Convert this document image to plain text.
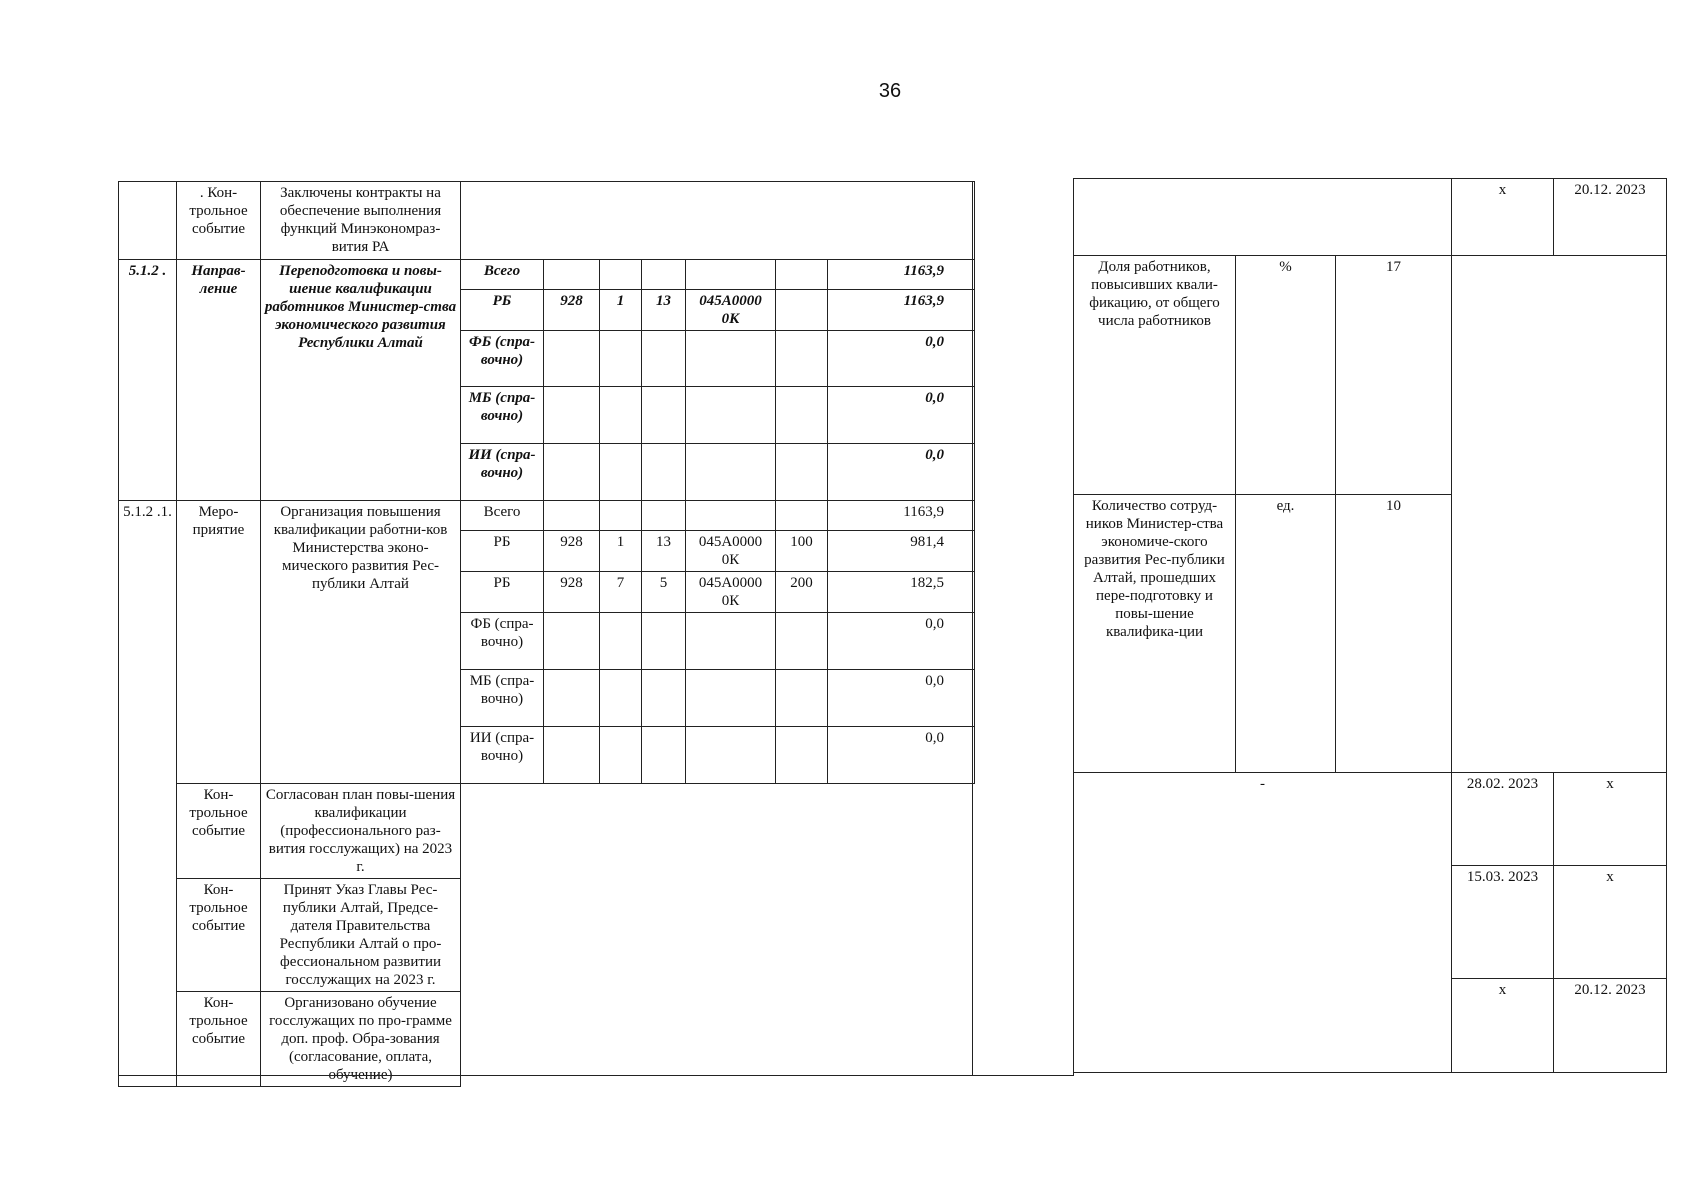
36
	. Кон-трольное событие	Заключены контракты на обеспечение выполнения функций Минэкономраз-вития РА							
5.1.2 .	Направ-ление	Переподготовка и повы-шение квалификации работников Министер-ства экономического развития Республики Алтай	Всего						1163,9
			РБ	928	1	13	045А0000 0К		1163,9
			ФБ (спра-вочно)						0,0
			МБ (спра-вочно)						0,0
			ИИ (спра-вочно)						0,0
5.1.2 .1.	Меро-приятие	Организация повышения квалификации работни-ков Министерства эконо-мического развития Рес-публики Алтай	Всего						1163,9
			РБ	928	1	13	045А0000 0К	100	981,4
			РБ	928	7	5	045А0000 0К	200	182,5
			ФБ (спра-вочно)						0,0
			МБ (спра-вочно)						0,0
			ИИ (спра-вочно)						0,0
	Кон-трольное событие	Согласован план повы-шения квалификации (профессионального раз-вития госслужащих) на 2023 г.							
	Кон-трольное событие	Принят Указ Главы Рес-публики Алтай, Предсе-дателя Правительства Республики Алтай о про-фессиональном развитии госслужащих на 2023 г.							
	Кон-трольное событие	Организовано обучение госслужащих по про-грамме доп. проф. Обра-зования (согласование, оплата, обучение)							
			x	20.12. 2023
Доля работников, повысивших квали-фикацию, от общего числа работников	%	17		
Количество сотруд-ников Министер-ства экономиче-ского развития Рес-публики Алтай, прошедших пере-подготовку и повы-шение квалифика-ции	ед.	10		
-			28.02. 2023	x
			15.03. 2023	x
			x	20.12. 2023
